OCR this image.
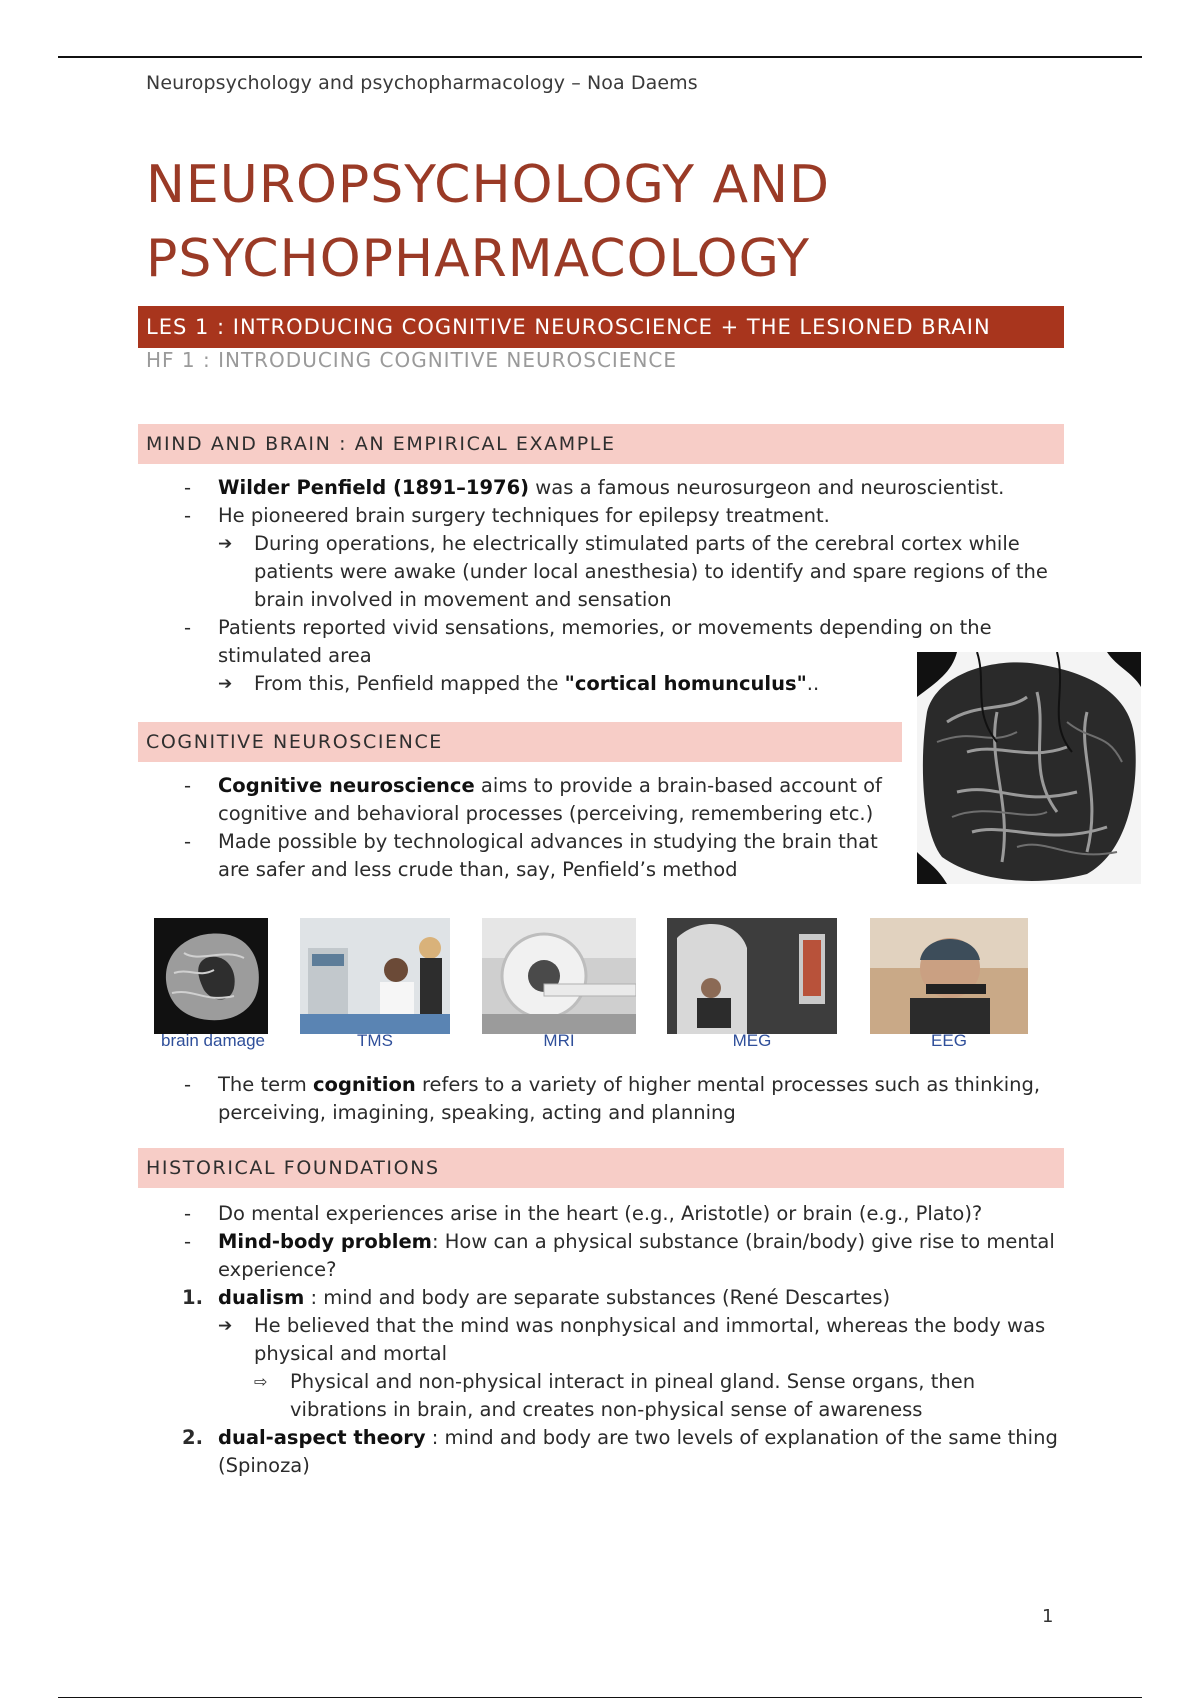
Neuropsychology and psychopharmacology – Noa Daems
NEUROPSYCHOLOGY AND
PSYCHOPHARMACOLOGY
LES 1 : INTRODUCING COGNITIVE NEUROSCIENCE + THE LESIONED BRAIN
HF 1 : INTRODUCING COGNITIVE NEUROSCIENCE
MIND AND BRAIN : AN EMPIRICAL EXAMPLE
- Wilder Penfield (1891–1976) was a famous neurosurgeon and neuroscientist.
- He pioneered brain surgery techniques for epilepsy treatment.
➔ During operations, he electrically stimulated parts of the cerebral cortex while
patients were awake (under local anesthesia) to identify and spare regions of the
brain involved in movement and sensation
- Patients reported vivid sensations, memories, or movements depending on the
stimulated area
➔ From this, Penfield mapped the "cortical homunculus"..
COGNITIVE NEUROSCIENCE
- Cognitive neuroscience aims to provide a brain-based account of
cognitive and behavioral processes (perceiving, remembering etc.)
- Made possible by technological advances in studying the brain that
are safer and less crude than, say, Penfield’s method
brain damage	TMS	MRI	MEG	EEG
- The term cognition refers to a variety of higher mental processes such as thinking,
perceiving, imagining, speaking, acting and planning
HISTORICAL FOUNDATIONS
- Do mental experiences arise in the heart (e.g., Aristotle) or brain (e.g., Plato)?
- Mind-body problem: How can a physical substance (brain/body) give rise to mental
experience?
1. dualism : mind and body are separate substances (René Descartes)
➔ He believed that the mind was nonphysical and immortal, whereas the body was
physical and mortal
⇨ Physical and non-physical interact in pineal gland. Sense organs, then
vibrations in brain, and creates non-physical sense of awareness
2. dual-aspect theory : mind and body are two levels of explanation of the same thing
(Spinoza)
1
